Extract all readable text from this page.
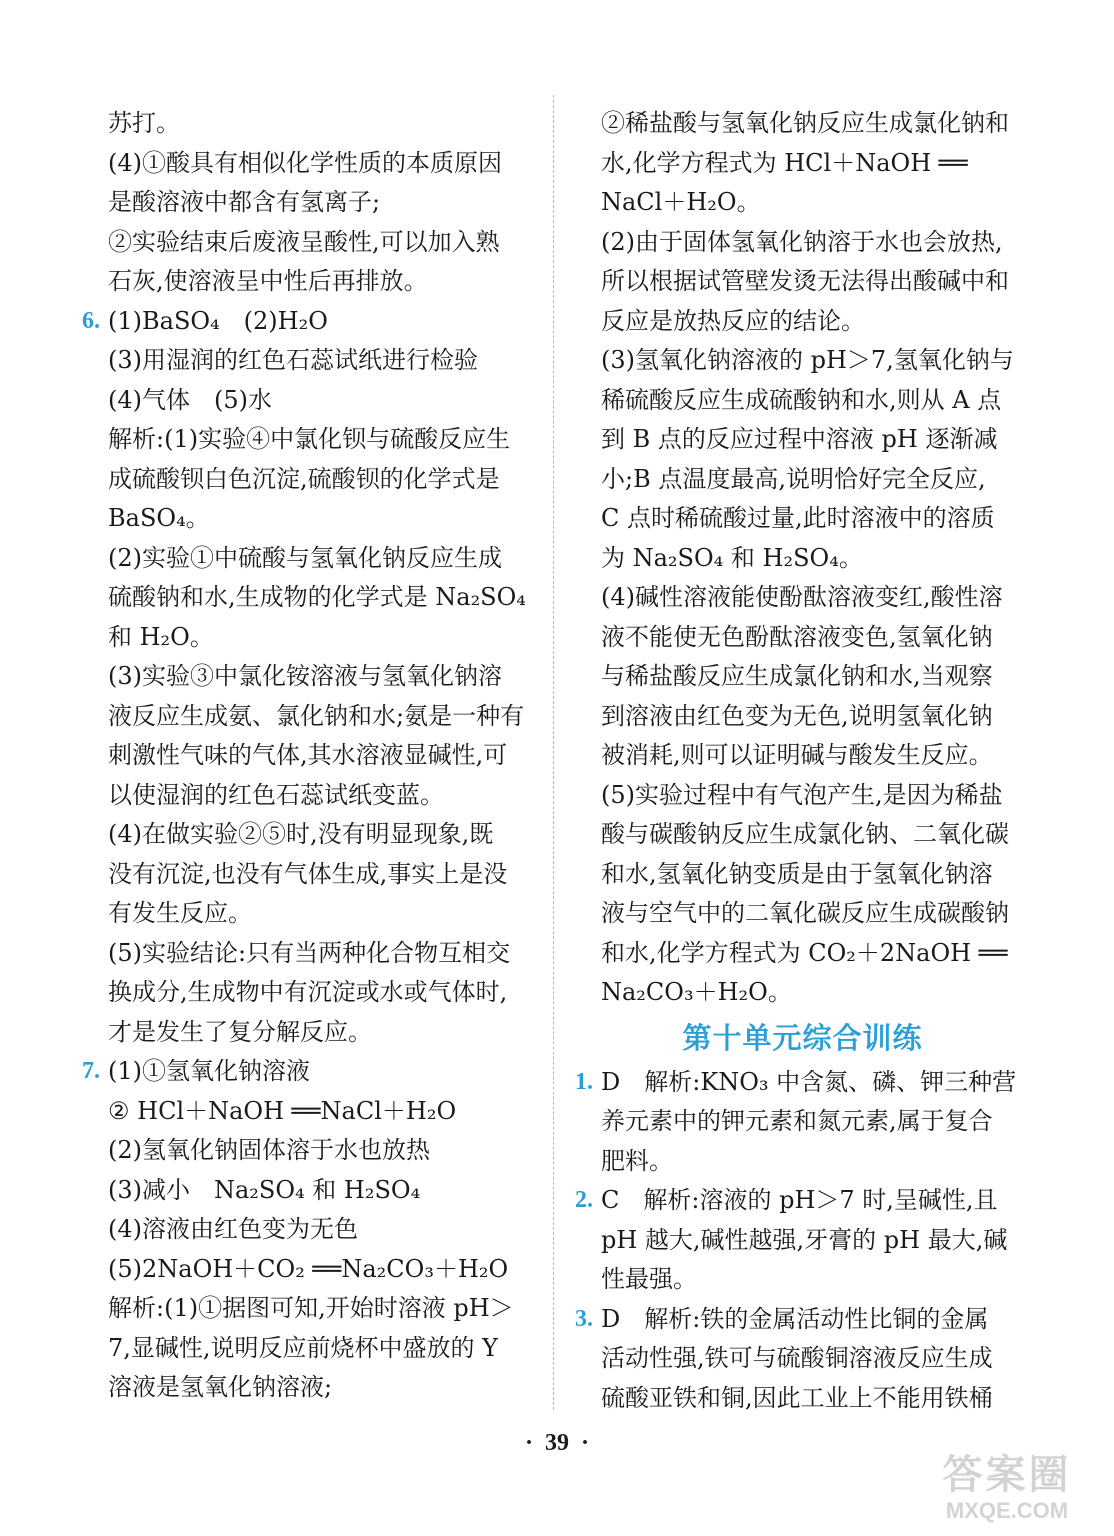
苏打。
(4)①酸具有相似化学性质的本质原因
是酸溶液中都含有氢离子;
②实验结束后废液呈酸性,可以加入熟
石灰,使溶液呈中性后再排放。
6. (1)BaSO₄　(2)H₂O
(3)用湿润的红色石蕊试纸进行检验
(4)气体　(5)水
解析:(1)实验④中氯化钡与硫酸反应生
成硫酸钡白色沉淀,硫酸钡的化学式是
BaSO₄。
(2)实验①中硫酸与氢氧化钠反应生成
硫酸钠和水,生成物的化学式是 Na₂SO₄
和 H₂O。
(3)实验③中氯化铵溶液与氢氧化钠溶
液反应生成氨、氯化钠和水;氨是一种有
刺激性气味的气体,其水溶液显碱性,可
以使湿润的红色石蕊试纸变蓝。
(4)在做实验②⑤时,没有明显现象,既
没有沉淀,也没有气体生成,事实上是没
有发生反应。
(5)实验结论:只有当两种化合物互相交
换成分,生成物中有沉淀或水或气体时,
才是发生了复分解反应。
7. (1)①氢氧化钠溶液
② HCl＋NaOH ══NaCl＋H₂O
(2)氢氧化钠固体溶于水也放热
(3)减小　Na₂SO₄ 和 H₂SO₄
(4)溶液由红色变为无色
(5)2NaOH＋CO₂ ══Na₂CO₃＋H₂O
解析:(1)①据图可知,开始时溶液 pH＞
7,显碱性,说明反应前烧杯中盛放的 Y
溶液是氢氧化钠溶液;
②稀盐酸与氢氧化钠反应生成氯化钠和
水,化学方程式为 HCl＋NaOH ══
NaCl＋H₂O。
(2)由于固体氢氧化钠溶于水也会放热,
所以根据试管壁发烫无法得出酸碱中和
反应是放热反应的结论。
(3)氢氧化钠溶液的 pH＞7,氢氧化钠与
稀硫酸反应生成硫酸钠和水,则从 A 点
到 B 点的反应过程中溶液 pH 逐渐减
小;B 点温度最高,说明恰好完全反应,
C 点时稀硫酸过量,此时溶液中的溶质
为 Na₂SO₄ 和 H₂SO₄。
(4)碱性溶液能使酚酞溶液变红,酸性溶
液不能使无色酚酞溶液变色,氢氧化钠
与稀盐酸反应生成氯化钠和水,当观察
到溶液由红色变为无色,说明氢氧化钠
被消耗,则可以证明碱与酸发生反应。
(5)实验过程中有气泡产生,是因为稀盐
酸与碳酸钠反应生成氯化钠、二氧化碳
和水,氢氧化钠变质是由于氢氧化钠溶
液与空气中的二氧化碳反应生成碳酸钠
和水,化学方程式为 CO₂＋2NaOH ══
Na₂CO₃＋H₂O。
第十单元综合训练
1. D　解析:KNO₃ 中含氮、磷、钾三种营
养元素中的钾元素和氮元素,属于复合
肥料。
2. C　解析:溶液的 pH＞7 时,呈碱性,且
pH 越大,碱性越强,牙膏的 pH 最大,碱
性最强。
3. D　解析:铁的金属活动性比铜的金属
活动性强,铁可与硫酸铜溶液反应生成
硫酸亚铁和铜,因此工业上不能用铁桶
·  39  ·
答案圈
MXQE.COM
